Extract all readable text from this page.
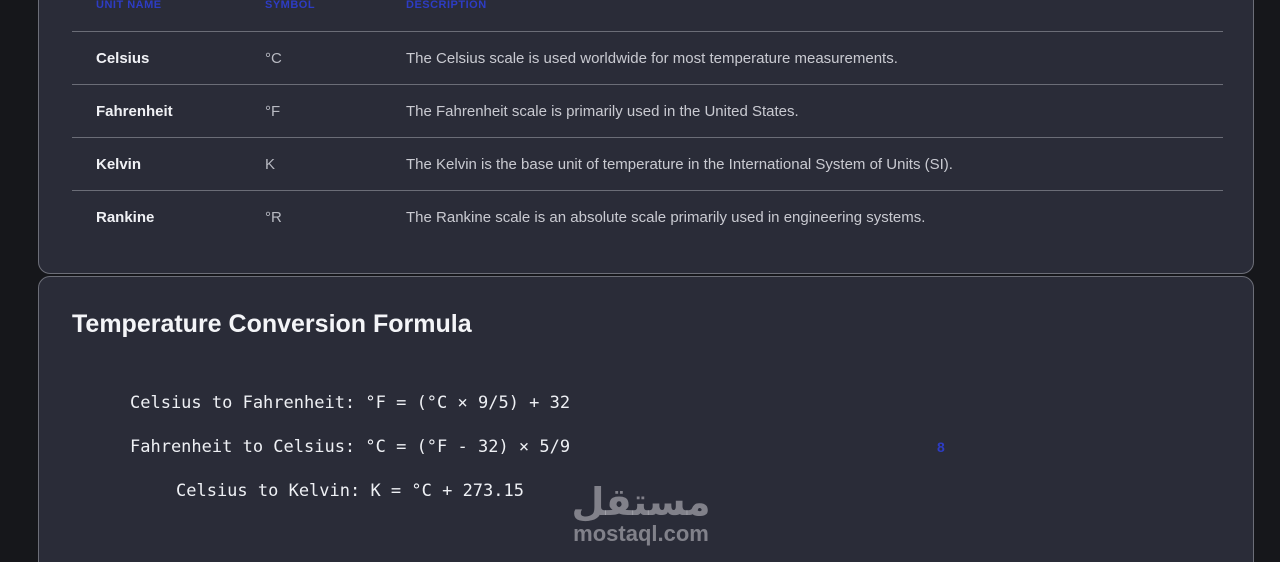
UNIT NAME	SYMBOL	DESCRIPTION
Celsius	°C	The Celsius scale is used worldwide for most temperature measurements.
Fahrenheit	°F	The Fahrenheit scale is primarily used in the United States.
Kelvin	K	The Kelvin is the base unit of temperature in the International System of Units (SI).
Rankine	°R	The Rankine scale is an absolute scale primarily used in engineering systems.
Temperature Conversion Formula
Celsius to Fahrenheit: °F = (°C × 9/5) + 32
Fahrenheit to Celsius: °C = (°F - 32) × 5/9
Celsius to Kelvin: K = °C + 273.15
8
مستقل
mostaql.com
